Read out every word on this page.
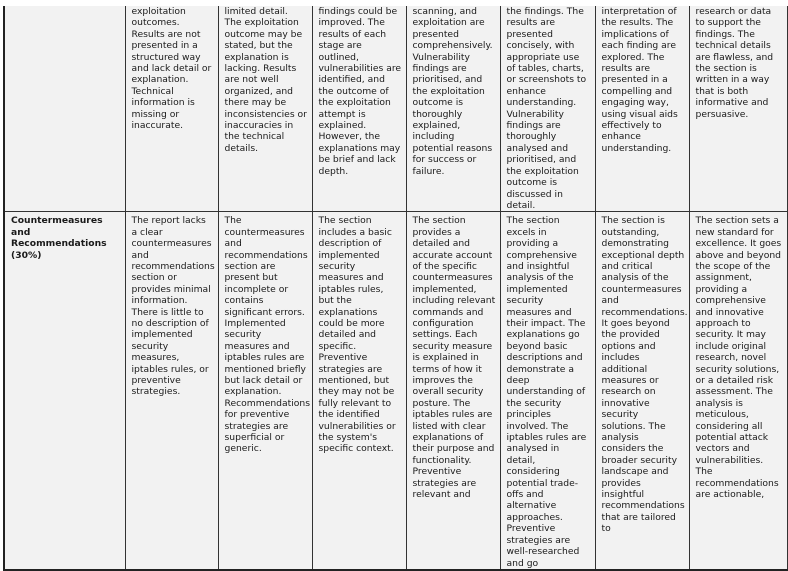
	exploitation outcomes. Results are not presented in a structured way and lack detail or explanation. Technical information is missing or inaccurate.	limited detail. The exploitation outcome may be stated, but the explanation is lacking. Results are not well organized, and there may be inconsistencies or inaccuracies in the technical details.	findings could be improved. The results of each stage are outlined, vulnerabilities are identified, and the outcome of the exploitation attempt is explained. However, the explanations may be brief and lack depth.	scanning, and exploitation are presented comprehensively. Vulnerability findings are prioritised, and the exploitation outcome is thoroughly explained, including potential reasons for success or failure.	the findings. The results are presented concisely, with appropriate use of tables, charts, or screenshots to enhance understanding. Vulnerability findings are thoroughly analysed and prioritised, and the exploitation outcome is discussed in detail.	interpretation of the results. The implications of each finding are explored. The results are presented in a compelling and engaging way, using visual aids effectively to enhance understanding.	research or data to support the findings. The technical details are flawless, and the section is written in a way that is both informative and persuasive.
Countermeasures and Recommendations (30%)	The report lacks a clear countermeasures and recommendations section or provides minimal information. There is little to no description of implemented security measures, iptables rules, or preventive strategies.	The countermeasures and recommendations section are present but incomplete or contains significant errors. Implemented security measures and iptables rules are mentioned briefly but lack detail or explanation. Recommendations for preventive strategies are superficial or generic.	The section includes a basic description of implemented security measures and iptables rules, but the explanations could be more detailed and specific. Preventive strategies are mentioned, but they may not be fully relevant to the identified vulnerabilities or the system's specific context.	The section provides a detailed and accurate account of the specific countermeasures implemented, including relevant commands and configuration settings. Each security measure is explained in terms of how it improves the overall security posture. The iptables rules are listed with clear explanations of their purpose and functionality. Preventive strategies are relevant and	The section excels in providing a comprehensive and insightful analysis of the implemented security measures and their impact. The explanations go beyond basic descriptions and demonstrate a deep understanding of the security principles involved. The iptables rules are analysed in detail, considering potential trade-offs and alternative approaches. Preventive strategies are well-researched and go	The section is outstanding, demonstrating exceptional depth and critical analysis of the countermeasures and recommendations. It goes beyond the provided options and includes additional measures or research on innovative security solutions. The analysis considers the broader security landscape and provides insightful recommendations that are tailored to	The section sets a new standard for excellence. It goes above and beyond the scope of the assignment, providing a comprehensive and innovative approach to security. It may include original research, novel security solutions, or a detailed risk assessment. The analysis is meticulous, considering all potential attack vectors and vulnerabilities. The recommendations are actionable,
